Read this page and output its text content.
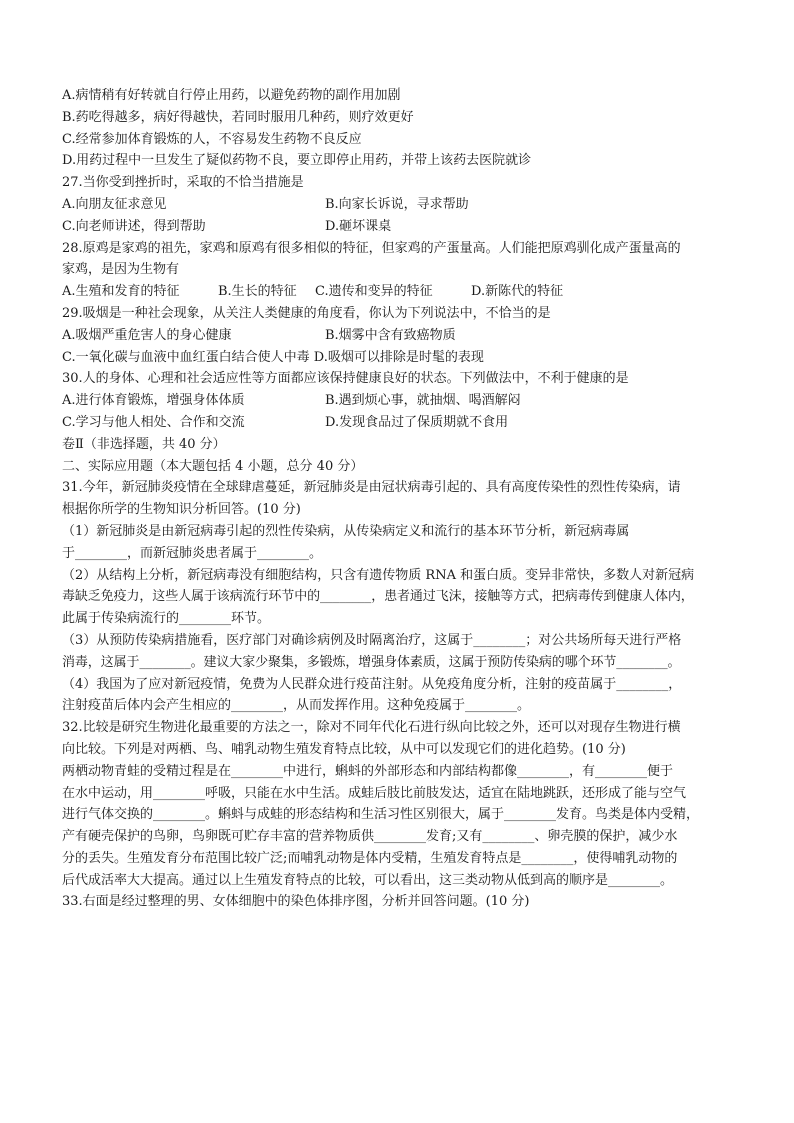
A.病情稍有好转就自行停止用药，以避免药物的副作用加剧
B.药吃得越多，病好得越快，若同时服用几种药，则疗效更好
C.经常参加体育锻炼的人，不容易发生药物不良反应
D.用药过程中一旦发生了疑似药物不良，要立即停止用药，并带上该药去医院就诊
27.当你受到挫折时，采取的不恰当措施是
A.向朋友征求意见	B.向家长诉说，寻求帮助
C.向老师讲述，得到帮助	D.砸坏课桌
28.原鸡是家鸡的祖先，家鸡和原鸡有很多相似的特征，但家鸡的产蛋量高。人们能把原鸡驯化成产蛋量高的
家鸡，是因为生物有
A.生殖和发育的特征	B.生长的特征	C.遗传和变异的特征	D.新陈代的特征
29.吸烟是一种社会现象，从关注人类健康的角度看，你认为下列说法中，不恰当的是
A.吸烟严重危害人的身心健康	B.烟雾中含有致癌物质
C.一氧化碳与血液中血红蛋白结合使人中毒 D.吸烟可以排除是时髦的表现
30.人的身体、心理和社会适应性等方面都应该保持健康良好的状态。下列做法中，不利于健康的是
A.进行体育锻炼，增强身体体质	B.遇到烦心事，就抽烟、喝酒解闷
C.学习与他人相处、合作和交流	D.发现食品过了保质期就不食用
卷Ⅱ（非选择题，共 40 分）
二、实际应用题（本大题包括 4 小题，总分 40 分）
31.今年，新冠肺炎疫情在全球肆虐蔓延，新冠肺炎是由冠状病毒引起的、具有高度传染性的烈性传染病，请
根据你所学的生物知识分析回答。(10 分)
（1）新冠肺炎是由新冠病毒引起的烈性传染病，从传染病定义和流行的基本环节分析，新冠病毒属
于________，而新冠肺炎患者属于________。
（2）从结构上分析，新冠病毒没有细胞结构，只含有遗传物质 RNA 和蛋白质。变异非常快，多数人对新冠病
毒缺乏免疫力，这些人属于该病流行环节中的________，患者通过飞沫，接触等方式，把病毒传到健康人体内，
此属于传染病流行的________环节。
（3）从预防传染病措施看，医疗部门对确诊病例及时隔离治疗，这属于________；对公共场所每天进行严格
消毒，这属于________。建议大家少聚集，多锻炼，增强身体素质，这属于预防传染病的哪个环节________。
（4）我国为了应对新冠疫情，免费为人民群众进行疫苗注射。从免疫角度分析，注射的疫苗属于________，
注射疫苗后体内会产生相应的________，从而发挥作用。这种免疫属于________。
32.比较是研究生物进化最重要的方法之一，除对不同年代化石进行纵向比较之外，还可以对现存生物进行横
向比较。下列是对两栖、鸟、哺乳动物生殖发育特点比较，从中可以发现它们的进化趋势。(10 分)
两栖动物青蛙的受精过程是在________中进行，蝌蚪的外部形态和内部结构都像________，有________便于
在水中运动，用________呼吸，只能在水中生活。成蛙后肢比前肢发达，适宜在陆地跳跃，还形成了能与空气
进行气体交换的________。蝌蚪与成蛙的形态结构和生活习性区别很大，属于________发育。鸟类是体内受精，
产有硬壳保护的鸟卵，鸟卵既可贮存丰富的营养物质供________发育;又有________、卵壳膜的保护，减少水
分的丢失。生殖发育分布范围比较广泛;而哺乳动物是体内受精，生殖发育特点是________，使得哺乳动物的
后代成活率大大提高。通过以上生殖发育特点的比较，可以看出，这三类动物从低到高的顺序是________。
33.右面是经过整理的男、女体细胞中的染色体排序图，分析并回答问题。(10 分)
